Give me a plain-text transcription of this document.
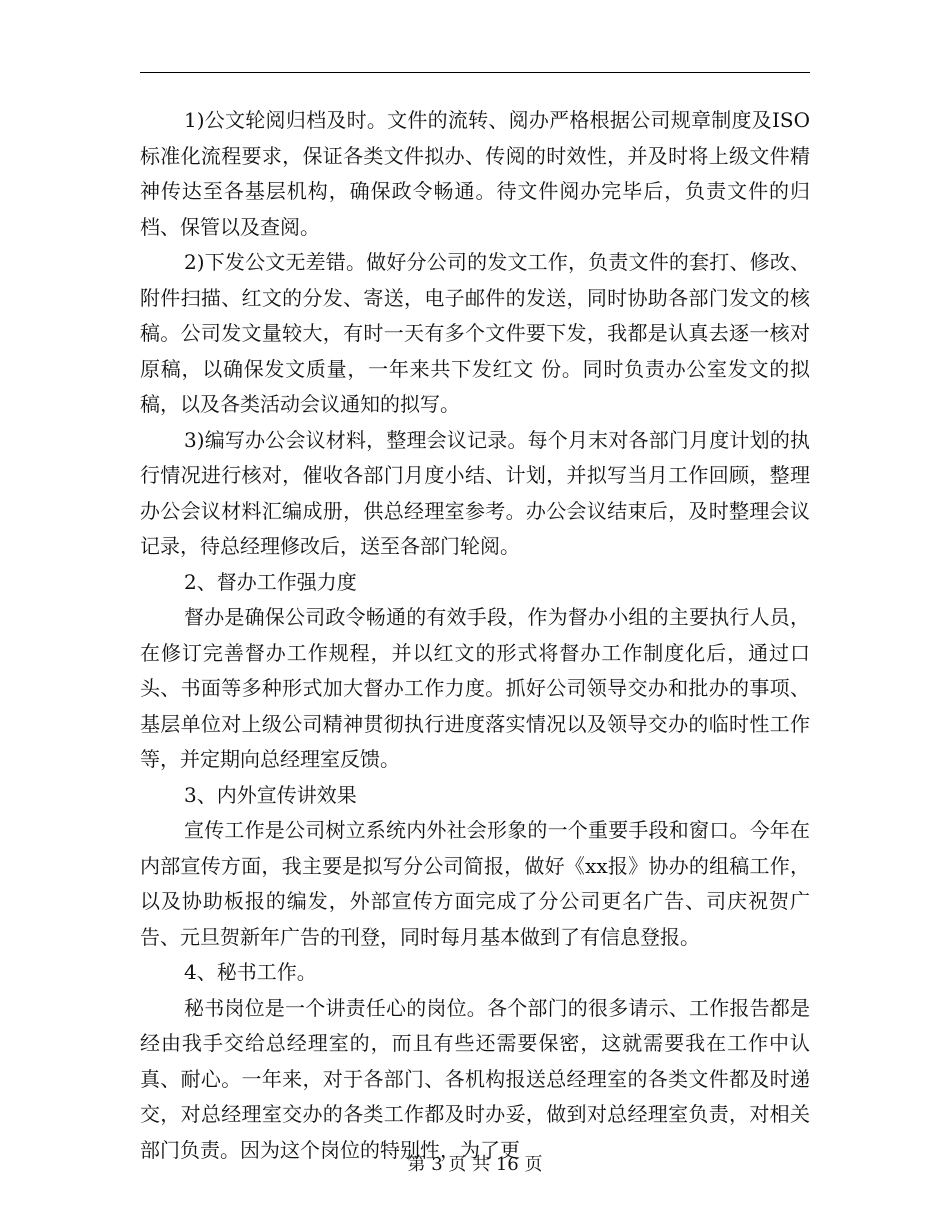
1)公文轮阅归档及时。文件的流转、阅办严格根据公司规章制度及ISO标准化流程要求，保证各类文件拟办、传阅的时效性，并及时将上级文件精神传达至各基层机构，确保政令畅通。待文件阅办完毕后，负责文件的归档、保管以及查阅。

2)下发公文无差错。做好分公司的发文工作，负责文件的套打、修改、附件扫描、红文的分发、寄送，电子邮件的发送，同时协助各部门发文的核稿。公司发文量较大，有时一天有多个文件要下发，我都是认真去逐一核对原稿，以确保发文质量，一年来共下发红文 份。同时负责办公室发文的拟稿，以及各类活动会议通知的拟写。

3)编写办公会议材料，整理会议记录。每个月末对各部门月度计划的执行情况进行核对，催收各部门月度小结、计划，并拟写当月工作回顾，整理办公会议材料汇编成册，供总经理室参考。办公会议结束后，及时整理会议记录，待总经理修改后，送至各部门轮阅。

2、督办工作强力度

督办是确保公司政令畅通的有效手段，作为督办小组的主要执行人员，在修订完善督办工作规程，并以红文的形式将督办工作制度化后，通过口头、书面等多种形式加大督办工作力度。抓好公司领导交办和批办的事项、基层单位对上级公司精神贯彻执行进度落实情况以及领导交办的临时性工作等，并定期向总经理室反馈。

3、内外宣传讲效果

宣传工作是公司树立系统内外社会形象的一个重要手段和窗口。今年在内部宣传方面，我主要是拟写分公司简报，做好《xx报》协办的组稿工作，以及协助板报的编发，外部宣传方面完成了分公司更名广告、司庆祝贺广告、元旦贺新年广告的刊登，同时每月基本做到了有信息登报。

4、秘书工作。

秘书岗位是一个讲责任心的岗位。各个部门的很多请示、工作报告都是经由我手交给总经理室的，而且有些还需要保密，这就需要我在工作中认真、耐心。一年来，对于各部门、各机构报送总经理室的各类文件都及时递交，对总经理室交办的各类工作都及时办妥，做到对总经理室负责，对相关部门负责。因为这个岗位的特别性，为了更

第 3 页 共 16 页
